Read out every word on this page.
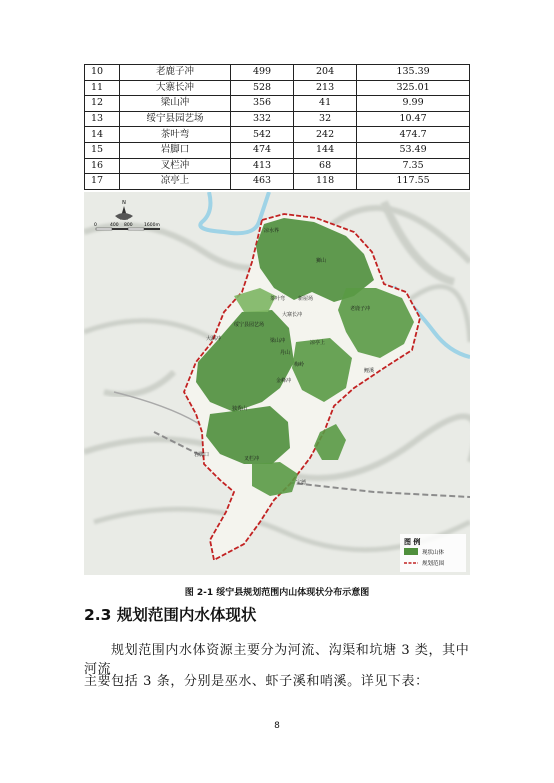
10	老鹿子冲	499	204	135.39
11	大寨长冲	528	213	325.01
12	梁山冲	356	41	9.99
13	绥宁县园艺场	332	32	10.47
14	茶叶弯	542	242	474.7
15	岩脚口	474	144	53.49
16	叉栏冲	413	68	7.35
17	凉亭上	463	118	117.55
N
0	400 800	1600m
凉水界
狮山
茶叶弯	新屋场
大寨长冲
老鹿子冲
绥宁县园艺场
大洞冲	梁山冲	凉亭上
岩脚口
叉栏冲
独秀山
丹山
金峰冲
宝德
梅岭
鲤溪
图 例
现状山体
规划范围
图 2-1 绥宁县规划范围内山体现状分布示意图
2.3 规划范围内水体现状
规划范围内水体资源主要分为河流、沟渠和坑塘 3 类，其中河流
主要包括 3 条，分别是巫水、虾子溪和哨溪。详见下表：
8
